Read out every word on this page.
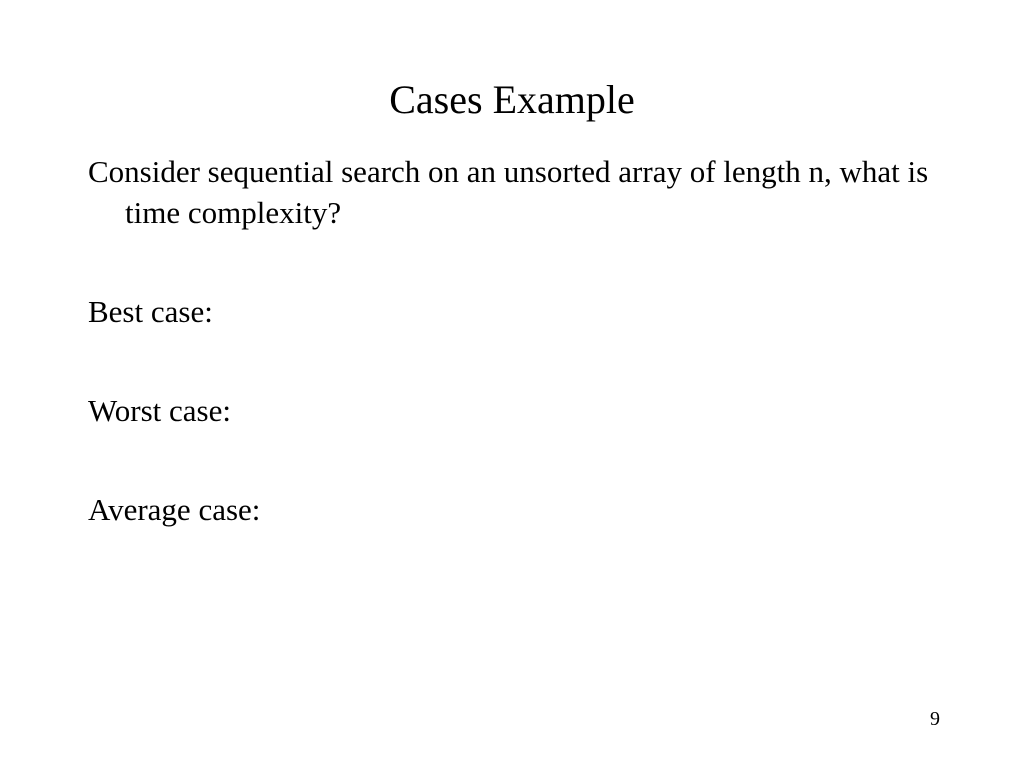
Cases Example

Consider sequential search on an unsorted array of length n, what is time complexity?

Best case:

Worst case:

Average case:

9
